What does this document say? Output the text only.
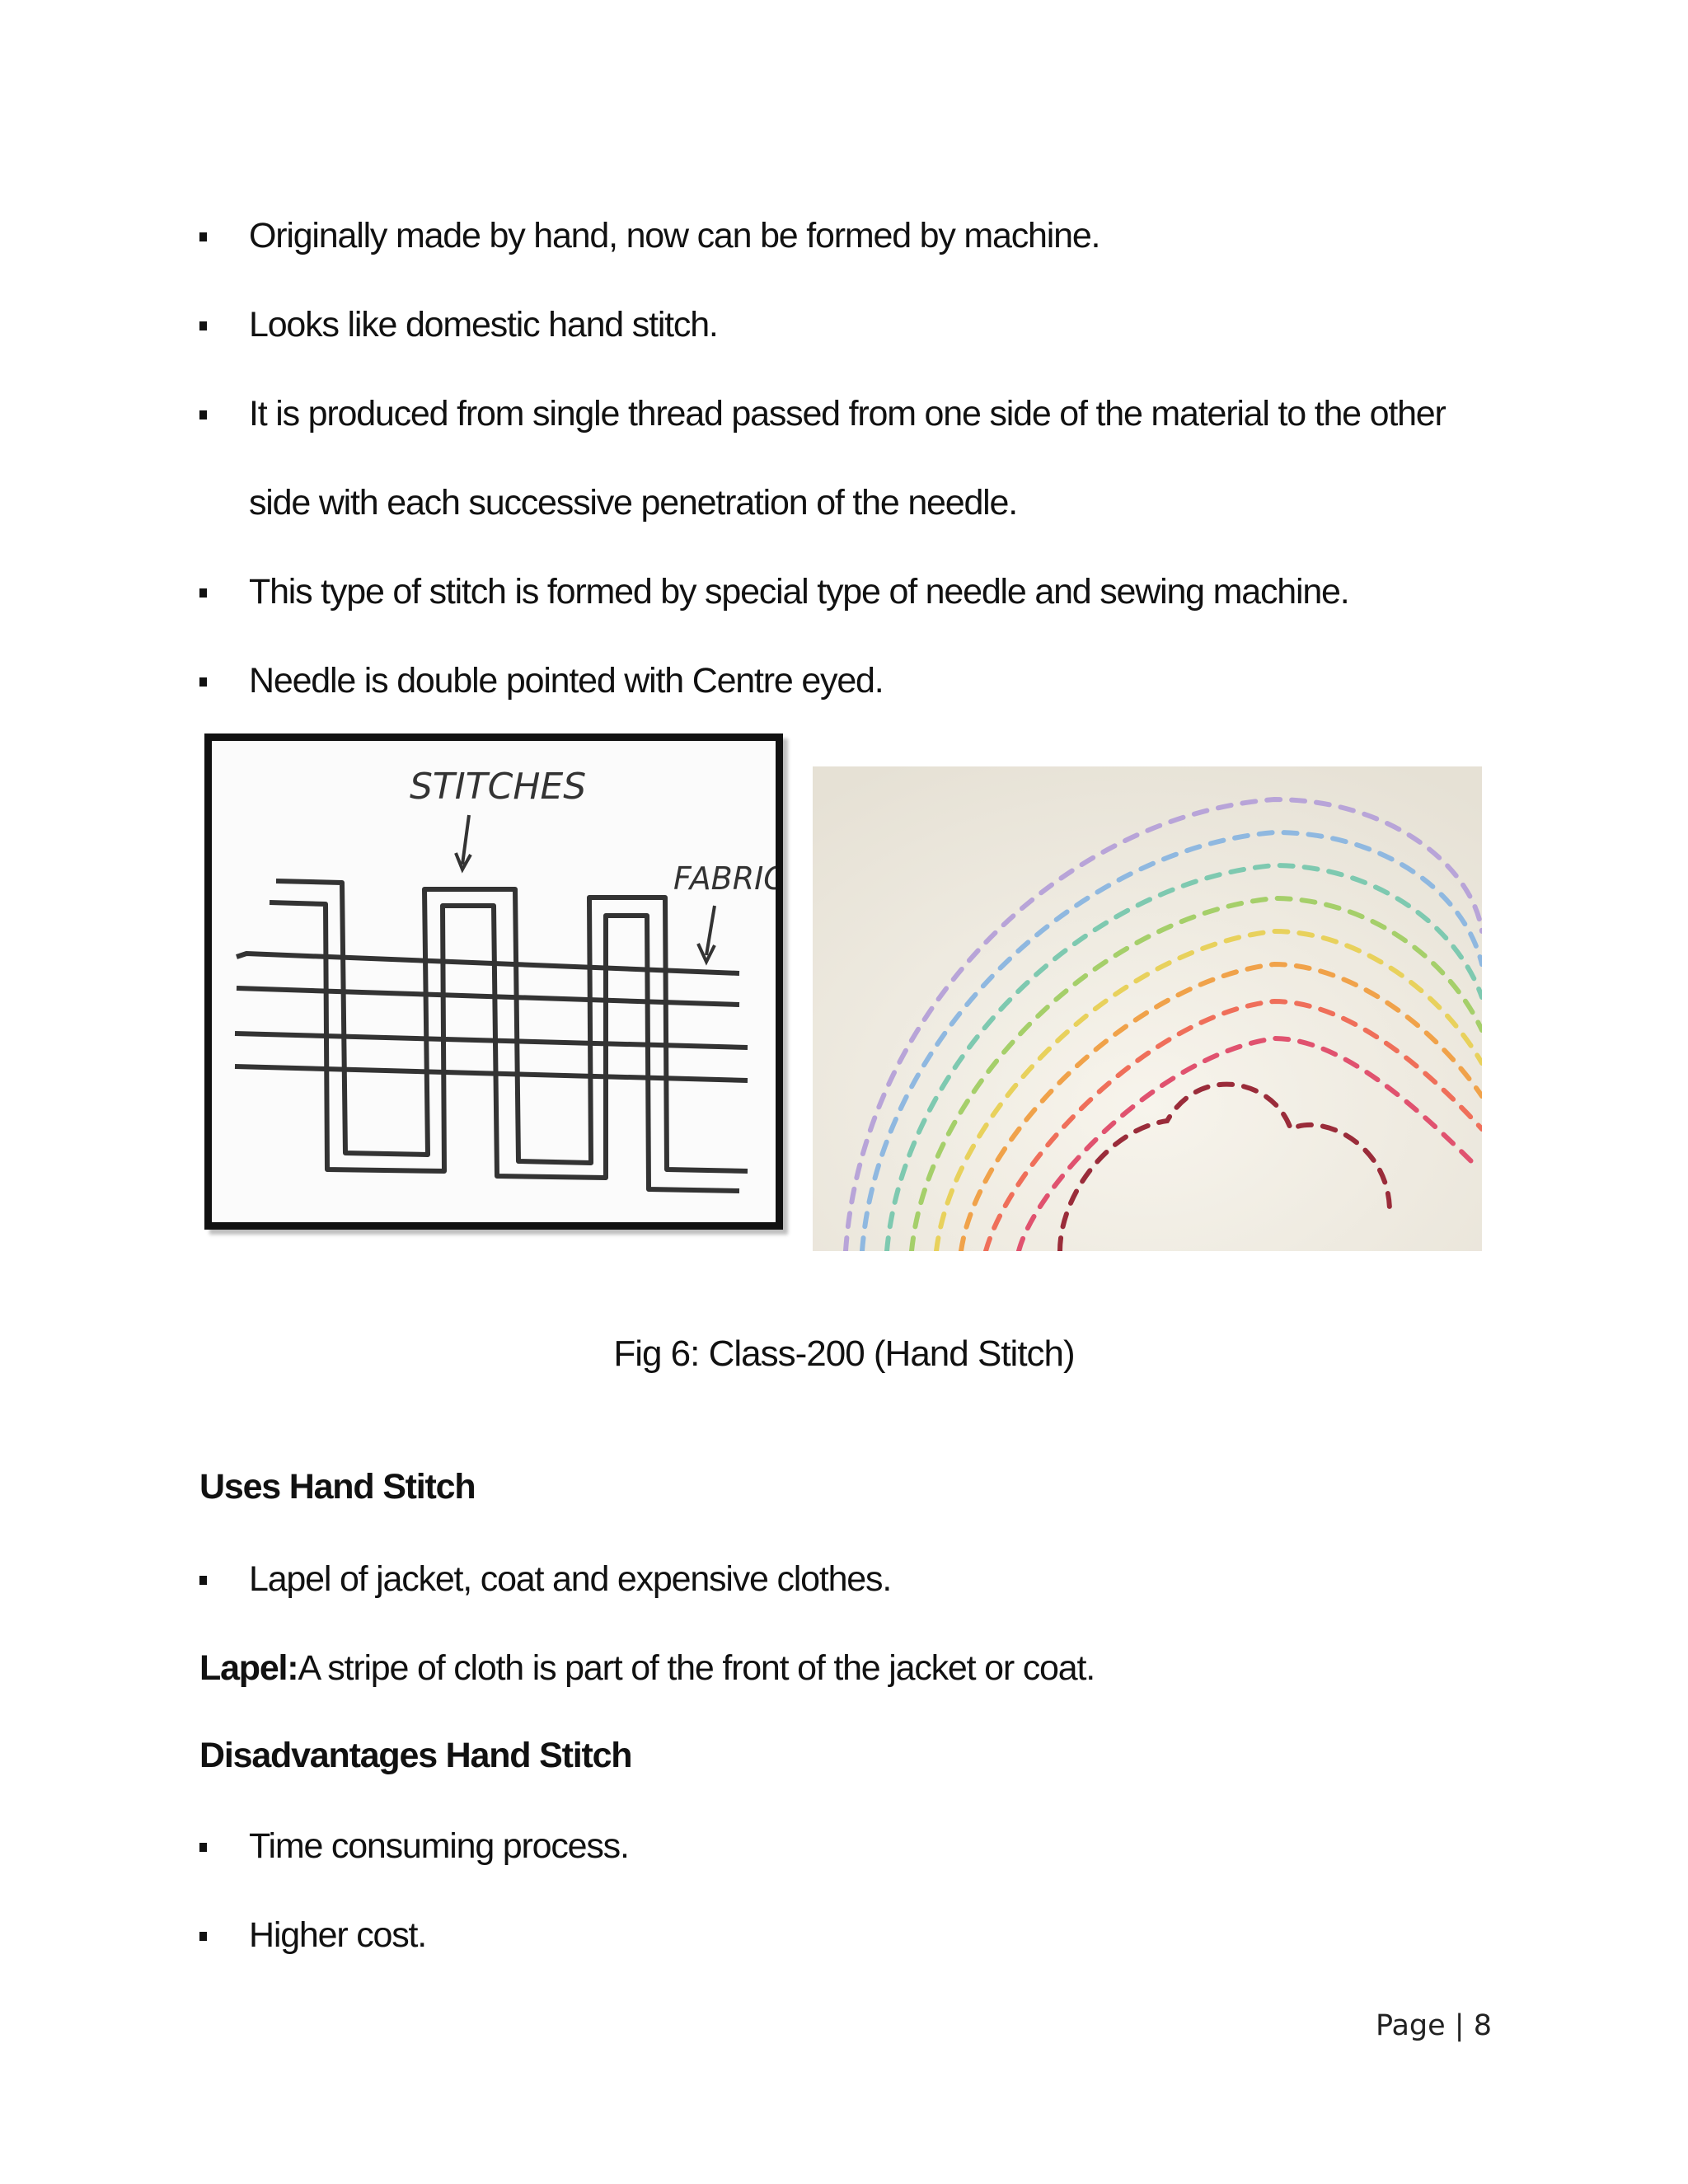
Originally made by hand, now can be formed by machine.
Looks like domestic hand stitch.
It is produced from single thread passed from one side of the material to the other side with each successive penetration of the needle.
This type of stitch is formed by special type of needle and sewing machine.
Needle is double pointed with Centre eyed.
STITCHES
FABRIC
Fig 6: Class-200 (Hand Stitch)
Uses Hand Stitch
Lapel of jacket, coat and expensive clothes.
Lapel:A stripe of cloth is part of the front of the jacket or coat.
Disadvantages Hand Stitch
Time consuming process.
Higher cost.
Page | 8
